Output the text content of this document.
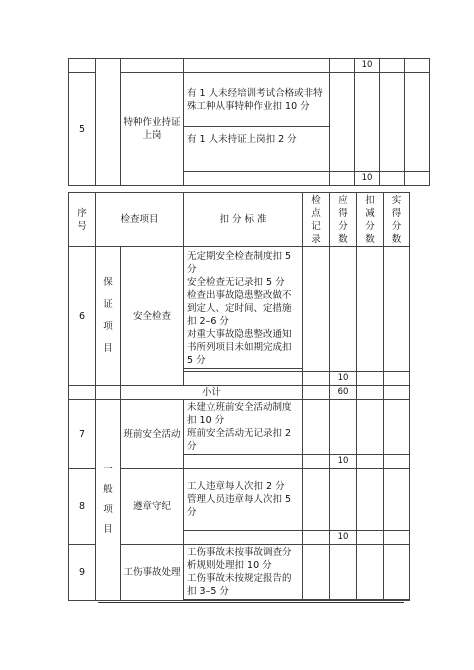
					10		
5		特种作业持证上岗	有 1 人未经培训考试合格或非特殊工种从事特种作业扣 10 分				
			有 1 人未持证上岗扣 2 分				
					10		
序
号	检查项目		扣 分 标 准	检
点
记
录	应
得
分
数	扣
减
分
数	实
得
分
数
6	保
证
项
目	安全检查	无定期安全检查制度扣 5 分
安全检查无记录扣 5 分
检查出事故隐患整改做不到定人、定时间、定措施扣 2–6 分
对重大事故隐患整改通知书所列项目未如期完成扣 5 分				

					10		
		小计			60		
7	一
般
项
目	班前安全活动	未建立班前安全活动制度扣 10 分
班前安全活动无记录扣 2 分				
					10		
8		遵章守纪	工人违章每人次扣 2 分
管理人员违章每人次扣 5 分				
					10		
9		工伤事故处理	工伤事故未按事故调查分析规则处理扣 10 分
工伤事故未按规定报告的扣 3–5 分				
